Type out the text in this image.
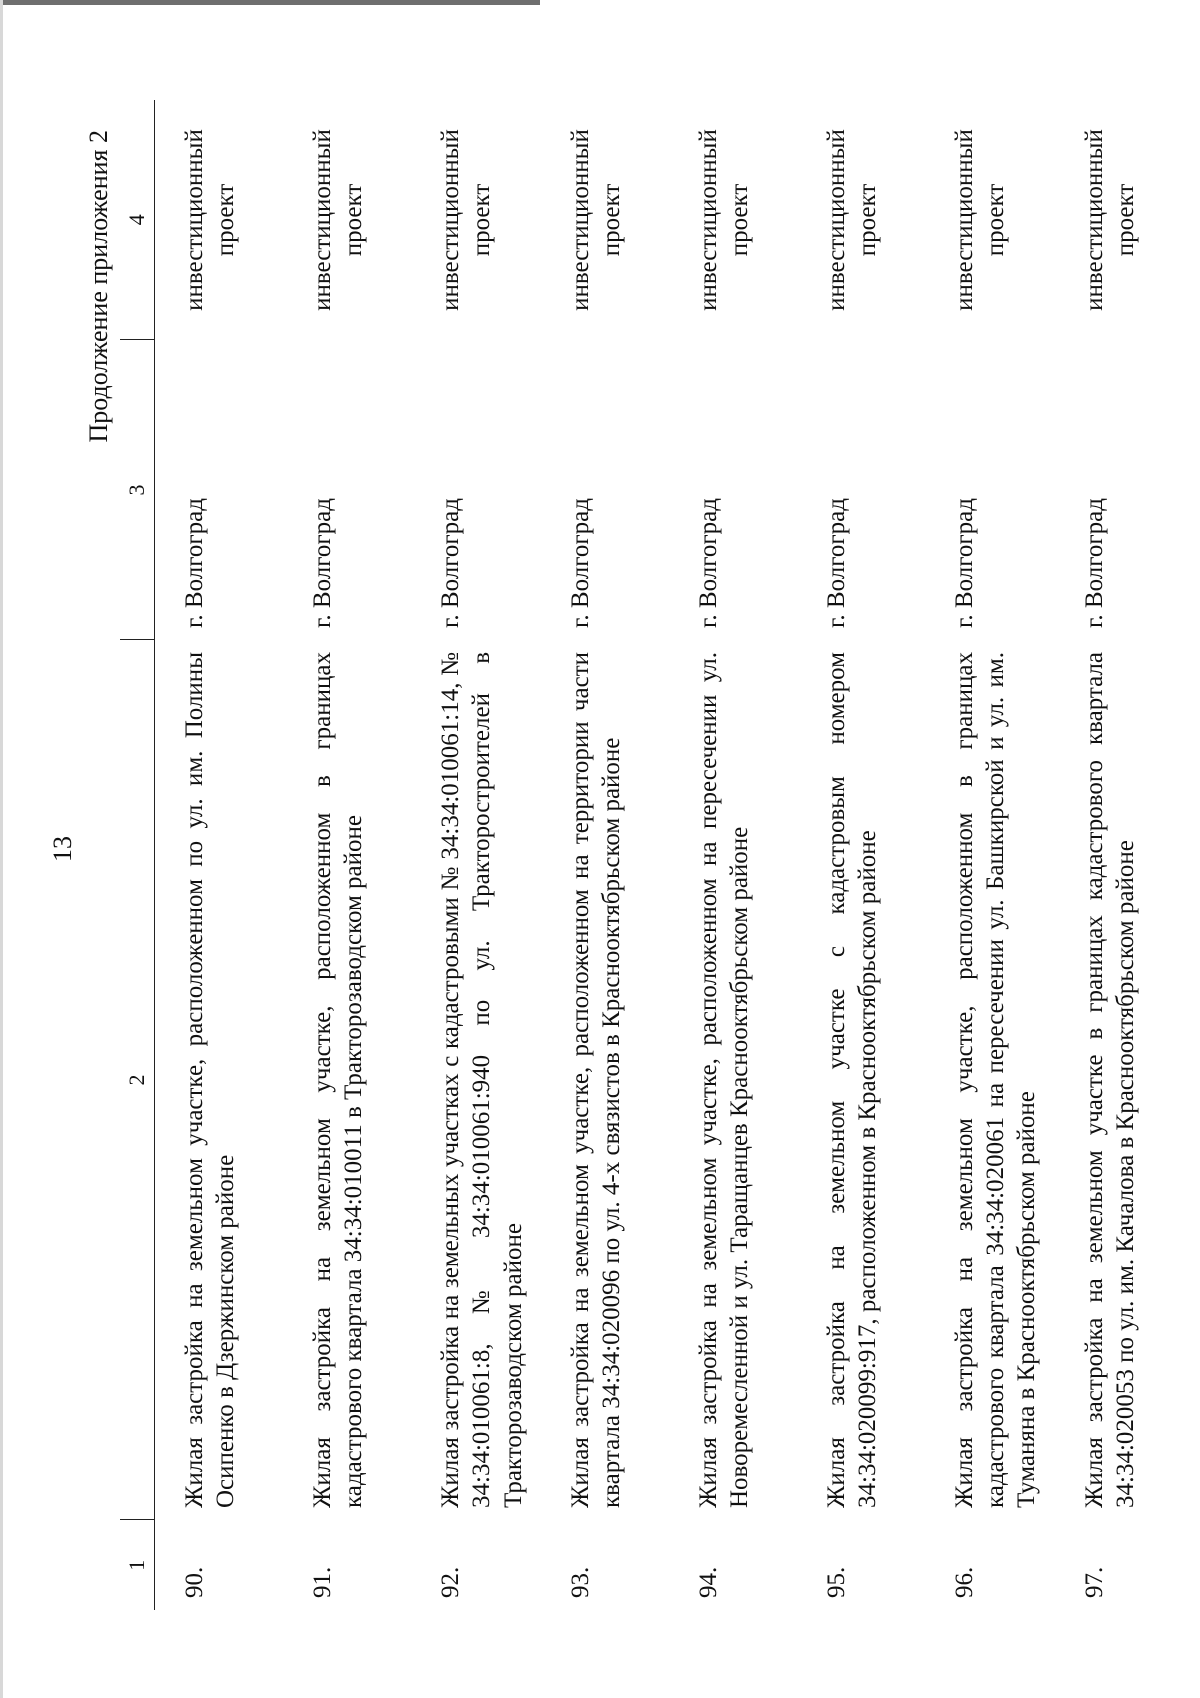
13
Продолжение приложения 2
1	2	3	4
90.	Жилая застройка на земельном участке, расположенном по ул. им. Полины Осипенко в Дзержинском районе	г. Волгоград	инвестиционный проект
91.	Жилая застройка на земельном участке, расположенном в границах кадастрового квартала 34:34:010011 в Тракторозаводском районе	г. Волгоград	инвестиционный проект
92.	Жилая застройка на земельных участках с кадастровыми № 34:34:010061:14, № 34:34:010061:8, № 34:34:010061:940 по ул. Тракторостроителей в Тракторозаводском районе	г. Волгоград	инвестиционный проект
93.	Жилая застройка на земельном участке, расположенном на территории части квартала 34:34:020096 по ул. 4-х связистов в Краснооктябрьском районе	г. Волгоград	инвестиционный проект
94.	Жилая застройка на земельном участке, расположенном на пересечении ул. Новоремесленной и ул. Таращанцев Краснооктябрьском районе	г. Волгоград	инвестиционный проект
95.	Жилая застройка на земельном участке с кадастровым номером 34:34:020099:917, расположенном в Краснооктябрьском районе	г. Волгоград	инвестиционный проект
96.	Жилая застройка на земельном участке, расположенном в границах кадастрового квартала 34:34:020061 на пересечении ул. Башкирской и ул. им. Туманяна в Краснооктябрьском районе	г. Волгоград	инвестиционный проект
97.	Жилая застройка на земельном участке в границах кадастрового квартала 34:34:020053 по ул. им. Качалова в Краснооктябрьском районе	г. Волгоград	инвестиционный проект
